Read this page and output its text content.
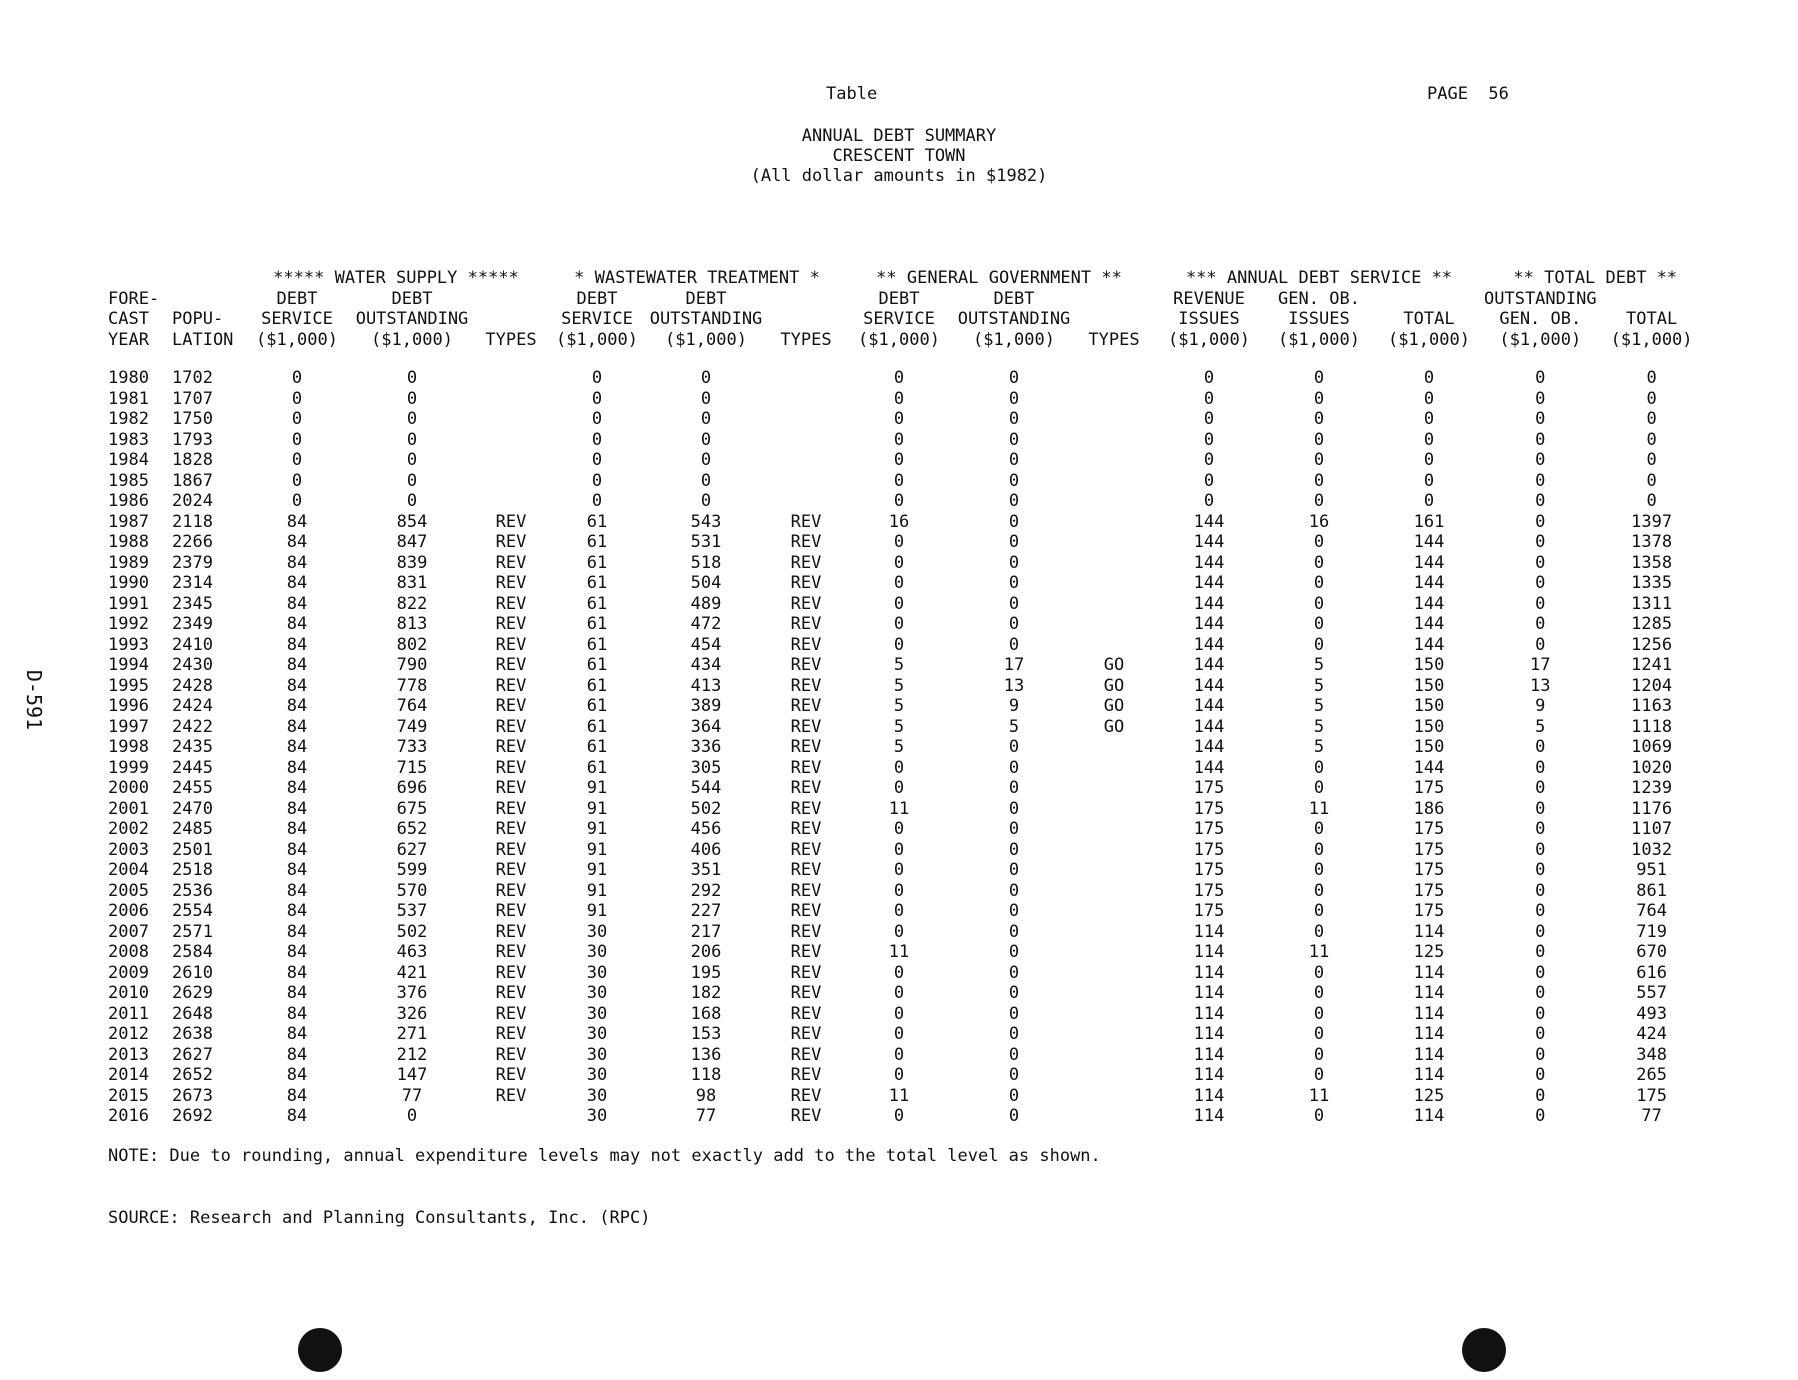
Table	PAGE  56
ANNUAL DEBT SUMMARY
CRESCENT TOWN
(All dollar amounts in $1982)
D-591
		***** WATER SUPPLY *****			* WASTEWATER TREATMENT *			** GENERAL GOVERNMENT **			*** ANNUAL DEBT SERVICE **			** TOTAL DEBT **	
FORE-		DEBT	DEBT		DEBT	DEBT		DEBT	DEBT		REVENUE	GEN. OB.		OUTSTANDING	
CAST	POPU-	SERVICE	OUTSTANDING		SERVICE	OUTSTANDING		SERVICE	OUTSTANDING		ISSUES	ISSUES	TOTAL	GEN. OB.	TOTAL
YEAR	LATION	($1,000)	($1,000)	TYPES	($1,000)	($1,000)	TYPES	($1,000)	($1,000)	TYPES	($1,000)	($1,000)	($1,000)	($1,000)	($1,000)

1980	1702	0	0		0	0		0	0		0	0	0	0	0
1981	1707	0	0		0	0		0	0		0	0	0	0	0
1982	1750	0	0		0	0		0	0		0	0	0	0	0
1983	1793	0	0		0	0		0	0		0	0	0	0	0
1984	1828	0	0		0	0		0	0		0	0	0	0	0
1985	1867	0	0		0	0		0	0		0	0	0	0	0
1986	2024	0	0		0	0		0	0		0	0	0	0	0
1987	2118	84	854	REV	61	543	REV	16	0		144	16	161	0	1397
1988	2266	84	847	REV	61	531	REV	0	0		144	0	144	0	1378
1989	2379	84	839	REV	61	518	REV	0	0		144	0	144	0	1358
1990	2314	84	831	REV	61	504	REV	0	0		144	0	144	0	1335
1991	2345	84	822	REV	61	489	REV	0	0		144	0	144	0	1311
1992	2349	84	813	REV	61	472	REV	0	0		144	0	144	0	1285
1993	2410	84	802	REV	61	454	REV	0	0		144	0	144	0	1256
1994	2430	84	790	REV	61	434	REV	5	17	GO	144	5	150	17	1241
1995	2428	84	778	REV	61	413	REV	5	13	GO	144	5	150	13	1204
1996	2424	84	764	REV	61	389	REV	5	9	GO	144	5	150	9	1163
1997	2422	84	749	REV	61	364	REV	5	5	GO	144	5	150	5	1118
1998	2435	84	733	REV	61	336	REV	5	0		144	5	150	0	1069
1999	2445	84	715	REV	61	305	REV	0	0		144	0	144	0	1020
2000	2455	84	696	REV	91	544	REV	0	0		175	0	175	0	1239
2001	2470	84	675	REV	91	502	REV	11	0		175	11	186	0	1176
2002	2485	84	652	REV	91	456	REV	0	0		175	0	175	0	1107
2003	2501	84	627	REV	91	406	REV	0	0		175	0	175	0	1032
2004	2518	84	599	REV	91	351	REV	0	0		175	0	175	0	951
2005	2536	84	570	REV	91	292	REV	0	0		175	0	175	0	861
2006	2554	84	537	REV	91	227	REV	0	0		175	0	175	0	764
2007	2571	84	502	REV	30	217	REV	0	0		114	0	114	0	719
2008	2584	84	463	REV	30	206	REV	11	0		114	11	125	0	670
2009	2610	84	421	REV	30	195	REV	0	0		114	0	114	0	616
2010	2629	84	376	REV	30	182	REV	0	0		114	0	114	0	557
2011	2648	84	326	REV	30	168	REV	0	0		114	0	114	0	493
2012	2638	84	271	REV	30	153	REV	0	0		114	0	114	0	424
2013	2627	84	212	REV	30	136	REV	0	0		114	0	114	0	348
2014	2652	84	147	REV	30	118	REV	0	0		114	0	114	0	265
2015	2673	84	77	REV	30	98	REV	11	0		114	11	125	0	175
2016	2692	84	0		30	77	REV	0	0		114	0	114	0	77
NOTE: Due to rounding, annual expenditure levels may not exactly add to the total level as shown.
SOURCE: Research and Planning Consultants, Inc. (RPC)
